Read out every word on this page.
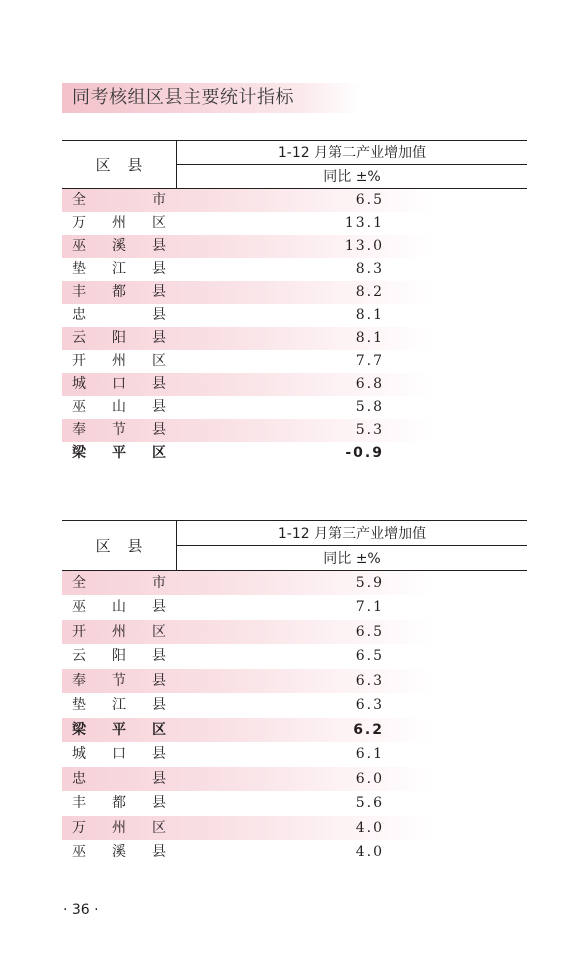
同考核组区县主要统计指标
区 县
1-12 月第二产业增加值
同比 ±%
全 市	6.5
万 州 区	13.1
巫 溪 县	13.0
垫 江 县	8.3
丰 都 县	8.2
忠 县	8.1
云 阳 县	8.1
开 州 区	7.7
城 口 县	6.8
巫 山 县	5.8
奉 节 县	5.3
梁 平 区	-0.9
区 县
1-12 月第三产业增加值
同比 ±%
全 市	5.9
巫 山 县	7.1
开 州 区	6.5
云 阳 县	6.5
奉 节 县	6.3
垫 江 县	6.3
梁 平 区	6.2
城 口 县	6.1
忠 县	6.0
丰 都 县	5.6
万 州 区	4.0
巫 溪 县	4.0
· 36 ·
